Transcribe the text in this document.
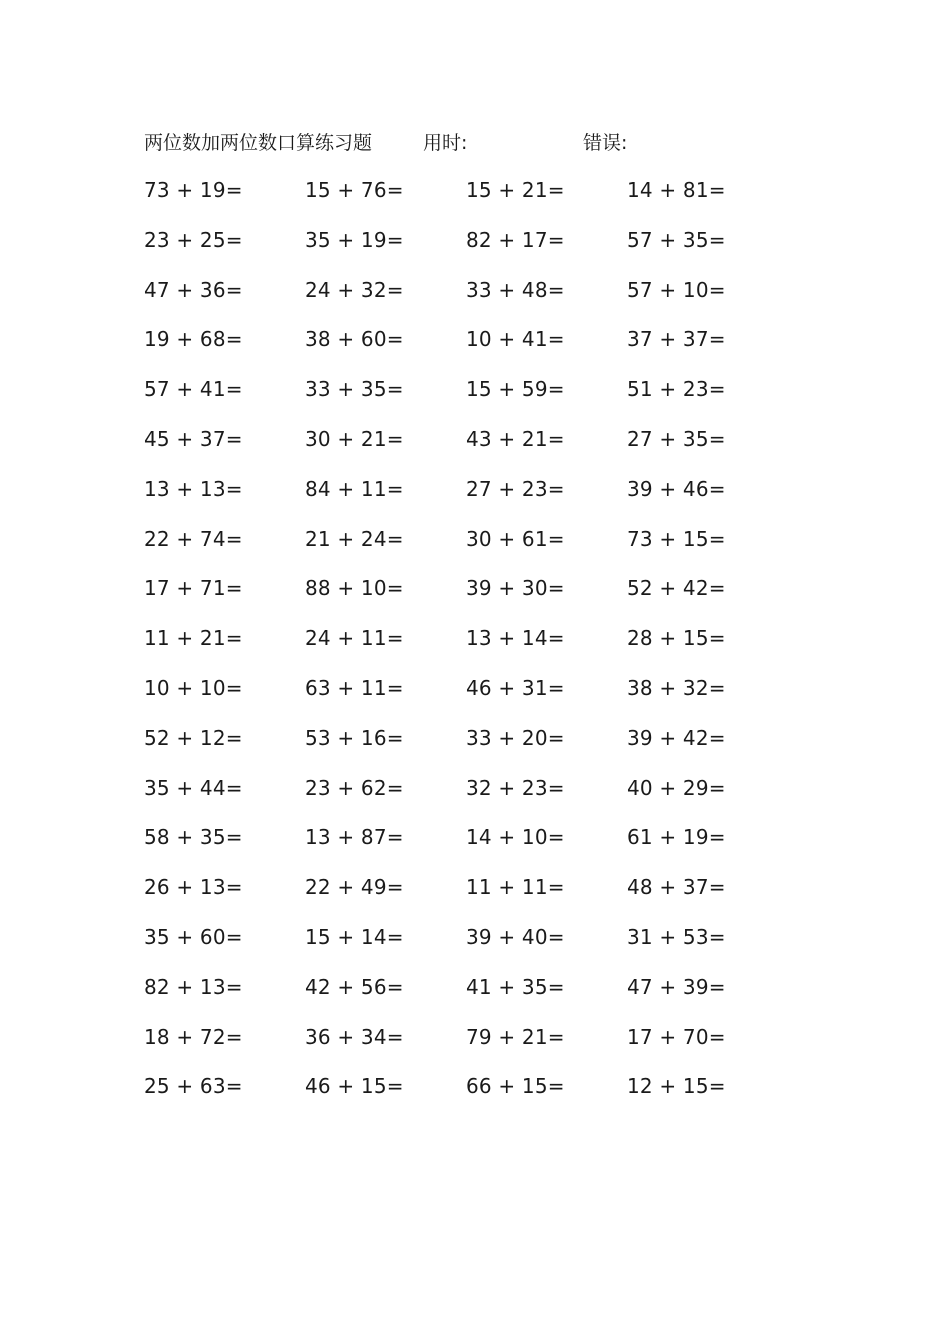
两位数加两位数口算练习题	用时:	错误:
73 + 19=	15 + 76=	15 + 21=	14 + 81=
23 + 25=	35 + 19=	82 + 17=	57 + 35=
47 + 36=	24 + 32=	33 + 48=	57 + 10=
19 + 68=	38 + 60=	10 + 41=	37 + 37=
57 + 41=	33 + 35=	15 + 59=	51 + 23=
45 + 37=	30 + 21=	43 + 21=	27 + 35=
13 + 13=	84 + 11=	27 + 23=	39 + 46=
22 + 74=	21 + 24=	30 + 61=	73 + 15=
17 + 71=	88 + 10=	39 + 30=	52 + 42=
11 + 21=	24 + 11=	13 + 14=	28 + 15=
10 + 10=	63 + 11=	46 + 31=	38 + 32=
52 + 12=	53 + 16=	33 + 20=	39 + 42=
35 + 44=	23 + 62=	32 + 23=	40 + 29=
58 + 35=	13 + 87=	14 + 10=	61 + 19=
26 + 13=	22 + 49=	11 + 11=	48 + 37=
35 + 60=	15 + 14=	39 + 40=	31 + 53=
82 + 13=	42 + 56=	41 + 35=	47 + 39=
18 + 72=	36 + 34=	79 + 21=	17 + 70=
25 + 63=	46 + 15=	66 + 15=	12 + 15=
